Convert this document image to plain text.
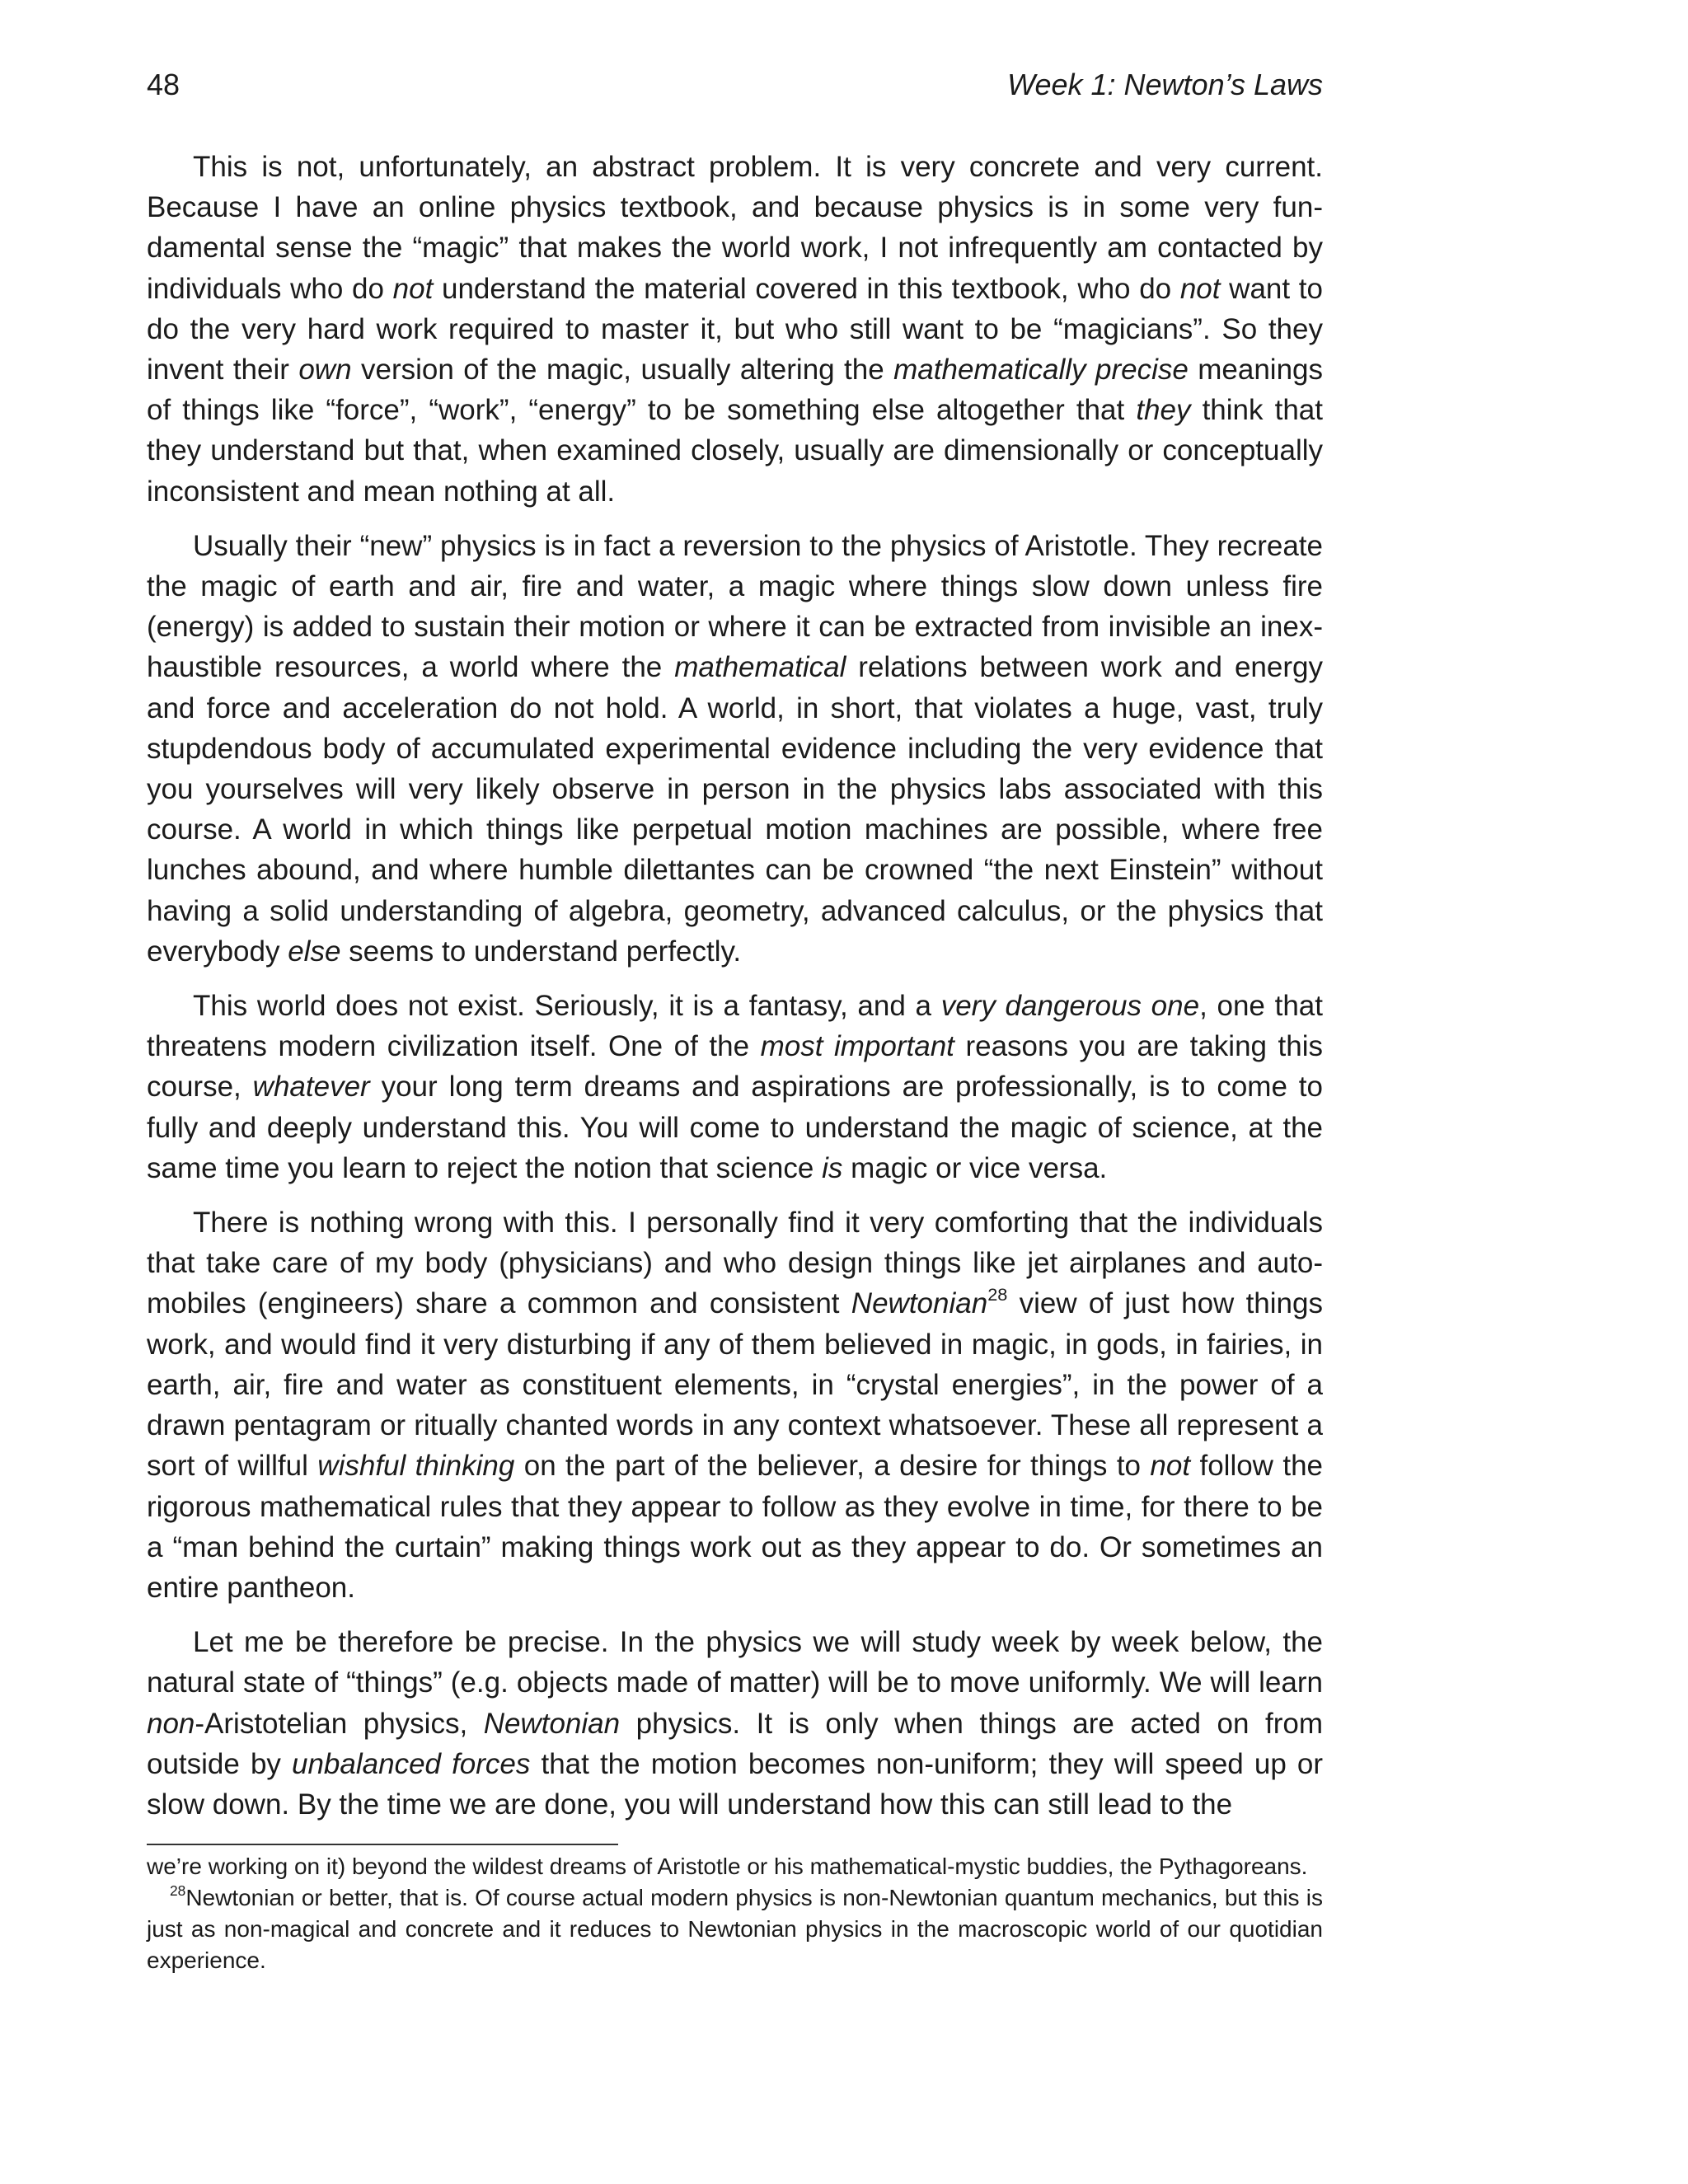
48	Week 1: Newton’s Laws

This is not, unfortunately, an abstract problem. It is very concrete and very current. Because I have an online physics textbook, and because physics is in some very fundamental sense the “magic” that makes the world work, I not infrequently am contacted by individuals who do not understand the material covered in this textbook, who do not want to do the very hard work required to master it, but who still want to be “magicians”. So they invent their own version of the magic, usually altering the mathematically precise meanings of things like “force”, “work”, “energy” to be something else altogether that they think that they understand but that, when examined closely, usually are dimensionally or conceptually inconsistent and mean nothing at all.

Usually their “new” physics is in fact a reversion to the physics of Aristotle. They recreate the magic of earth and air, fire and water, a magic where things slow down unless fire (energy) is added to sustain their motion or where it can be extracted from invisible an inexhaustible resources, a world where the mathematical relations between work and energy and force and acceleration do not hold. A world, in short, that violates a huge, vast, truly stupdendous body of accumulated experimental evidence including the very evidence that you yourselves will very likely observe in person in the physics labs associated with this course. A world in which things like perpetual motion machines are possible, where free lunches abound, and where humble dilettantes can be crowned “the next Einstein” without having a solid understanding of algebra, geometry, advanced calculus, or the physics that everybody else seems to understand perfectly.

This world does not exist. Seriously, it is a fantasy, and a very dangerous one, one that threatens modern civilization itself. One of the most important reasons you are taking this course, whatever your long term dreams and aspirations are professionally, is to come to fully and deeply understand this. You will come to understand the magic of science, at the same time you learn to reject the notion that science is magic or vice versa.

There is nothing wrong with this. I personally find it very comforting that the individuals that take care of my body (physicians) and who design things like jet airplanes and automobiles (engineers) share a common and consistent Newtonian$^{28}$ view of just how things work, and would find it very disturbing if any of them believed in magic, in gods, in fairies, in earth, air, fire and water as constituent elements, in “crystal energies”, in the power of a drawn pentagram or ritually chanted words in any context whatsoever. These all represent a sort of willful wishful thinking on the part of the believer, a desire for things to not follow the rigorous mathematical rules that they appear to follow as they evolve in time, for there to be a “man behind the curtain” making things work out as they appear to do. Or sometimes an entire pantheon.

Let me be therefore be precise. In the physics we will study week by week below, the natural state of “things” (e.g. objects made of matter) will be to move uniformly. We will learn non-Aristotelian physics, Newtonian physics. It is only when things are acted on from outside by unbalanced forces that the motion becomes non-uniform; they will speed up or slow down. By the time we are done, you will understand how this can still lead to the

we’re working on it) beyond the wildest dreams of Aristotle or his mathematical-mystic buddies, the Pythagoreans.

$^{28}$Newtonian or better, that is. Of course actual modern physics is non-Newtonian quantum mechanics, but this is just as non-magical and concrete and it reduces to Newtonian physics in the macroscopic world of our quotidian experience.
